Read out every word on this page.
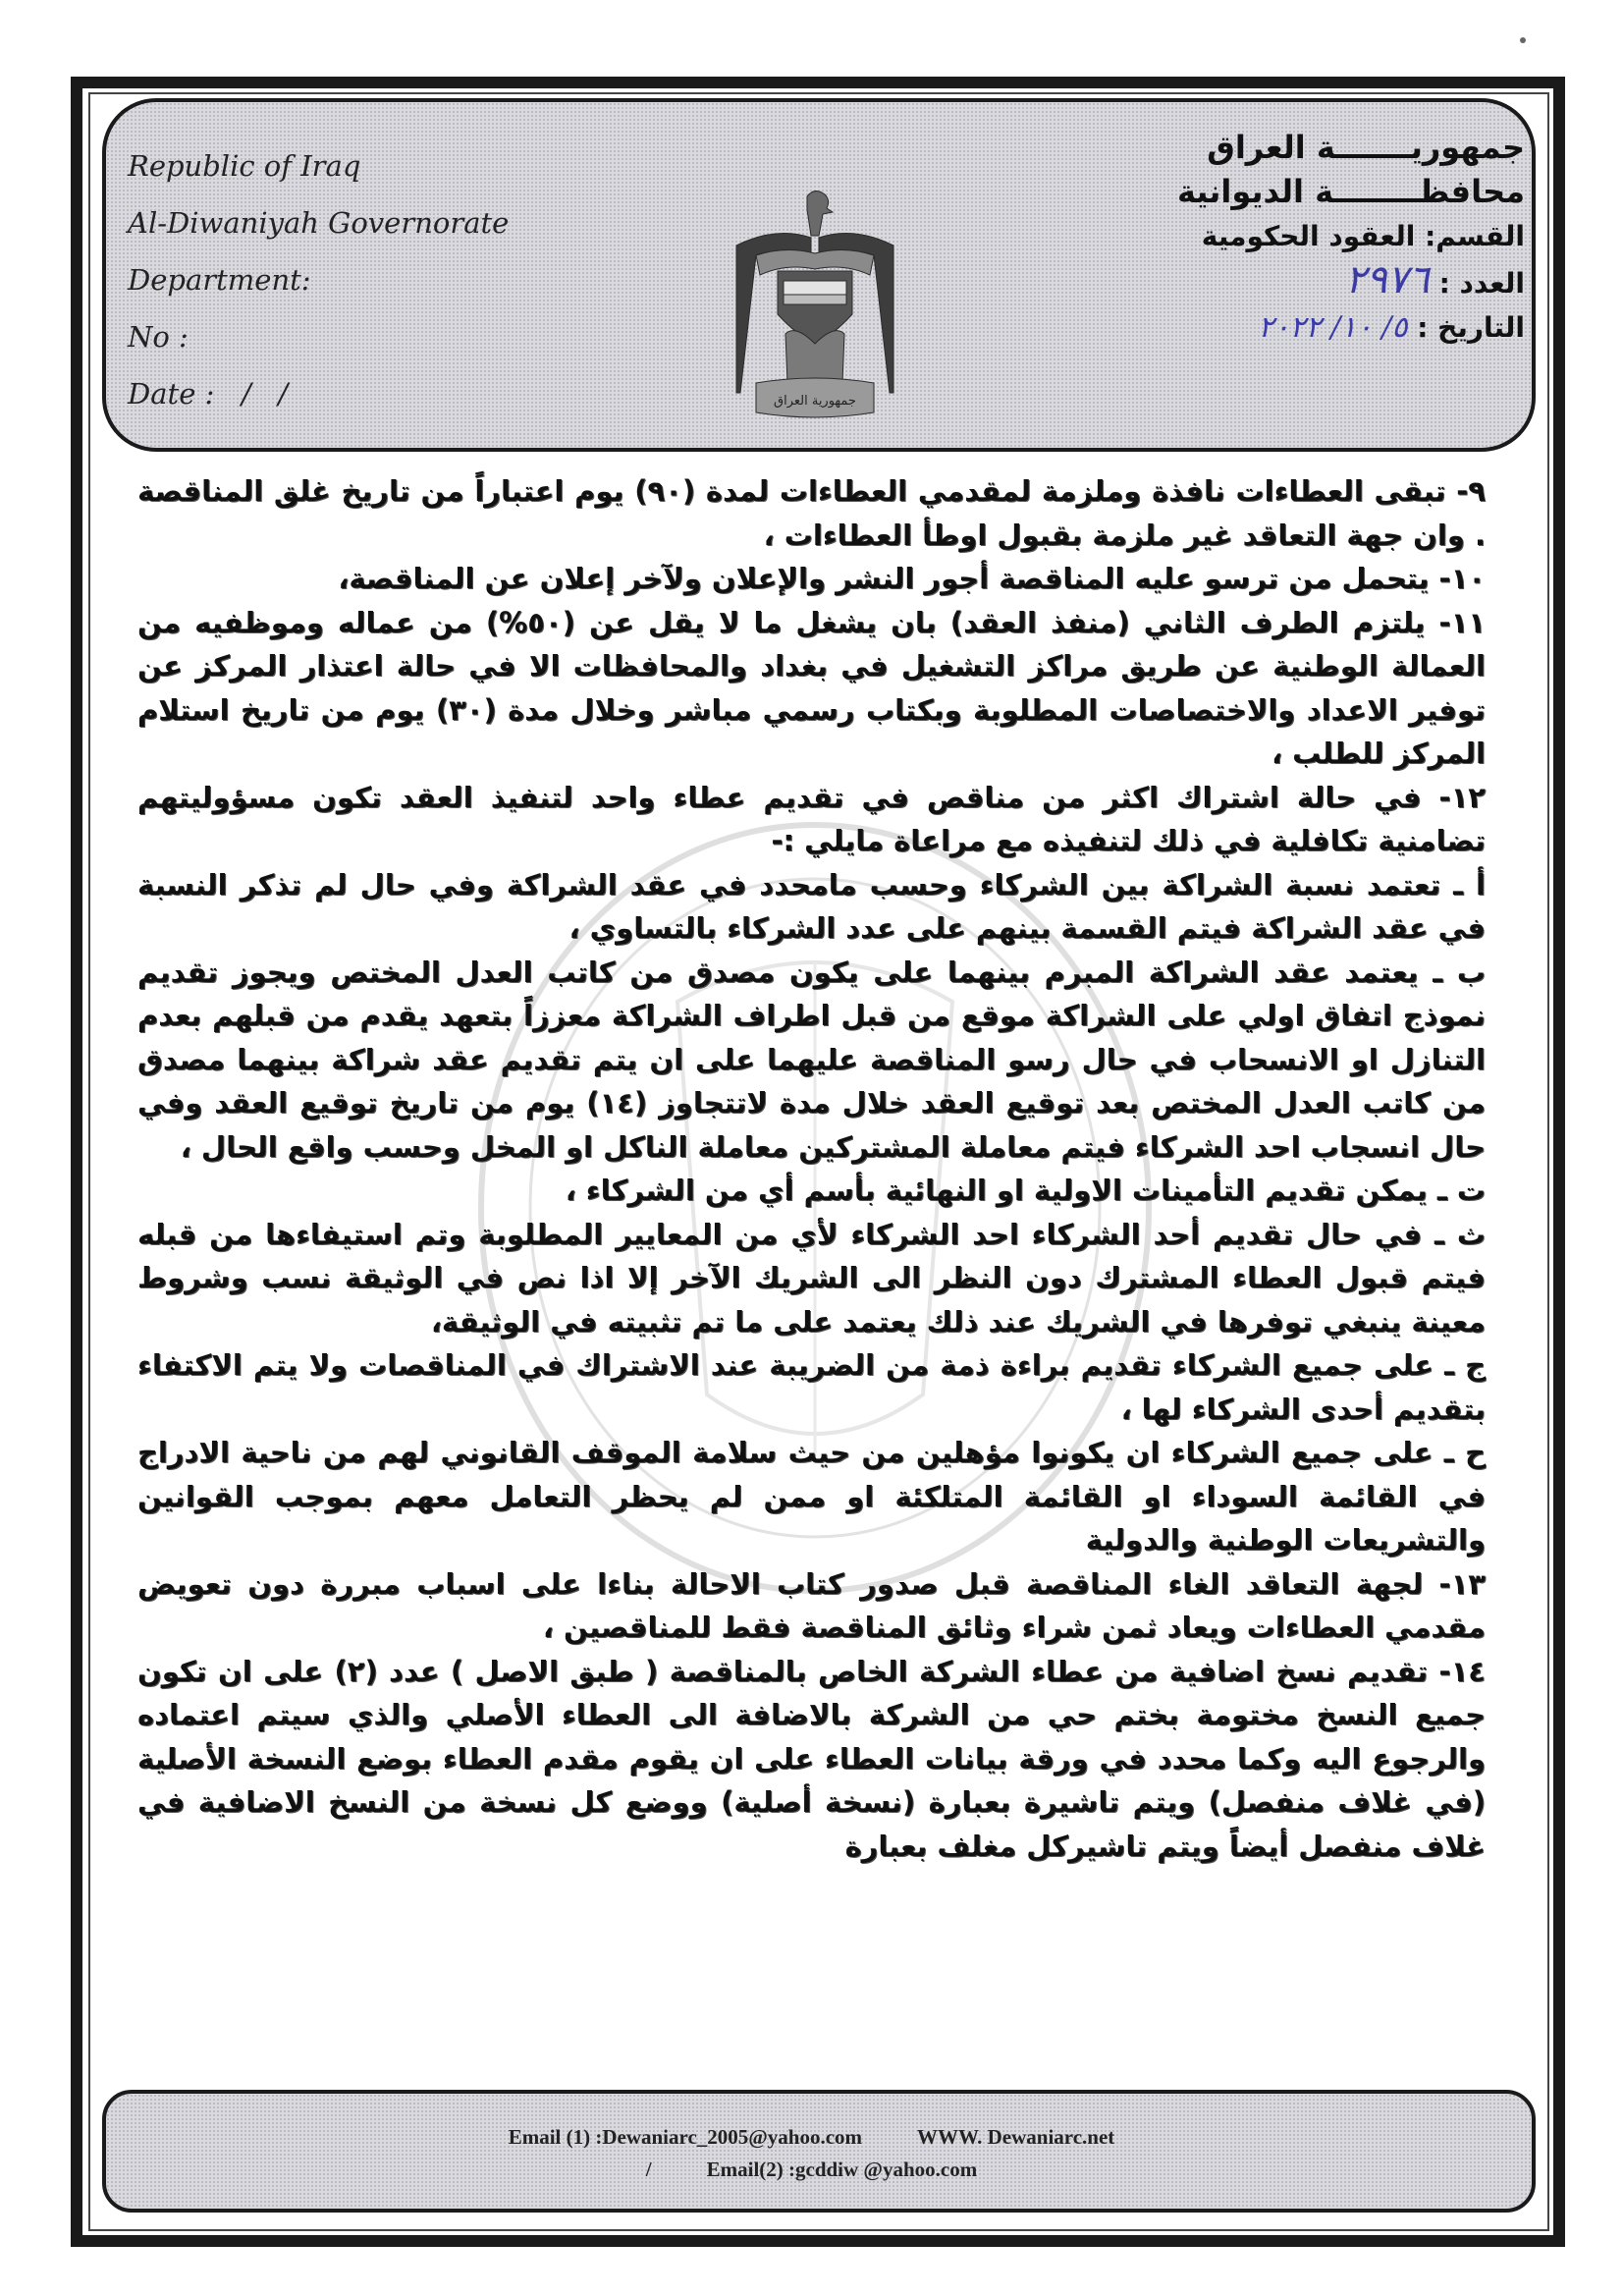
Republic of Iraq
Al-Diwaniyah Governorate
Department:
No :
Date :   /   /	جمهورية العراق
جمهوريـــــــة العراق
محافظــــــــة الديوانية
القسم: العقود الحكومية
العدد : ٢٩٧٦
التاريخ : ٥/ ١٠/ ٢٠٢٢

٩- تبقى العطاءات نافذة وملزمة لمقدمي العطاءات لمدة (٩٠) يوم اعتباراً من تاريخ غلق المناقصة . وان جهة التعاقد غير ملزمة بقبول اوطأ العطاءات ،

١٠- يتحمل من ترسو عليه المناقصة أجور النشر والإعلان ولآخر إعلان عن المناقصة،

١١- يلتزم الطرف الثاني (منفذ العقد) بان يشغل ما لا يقل عن (٥٠%) من عماله وموظفيه من العمالة الوطنية عن طريق مراكز التشغيل في بغداد والمحافظات الا في حالة اعتذار المركز عن توفير الاعداد والاختصاصات المطلوبة وبكتاب رسمي مباشر وخلال مدة (٣٠) يوم من تاريخ استلام المركز للطلب ،

١٢- في حالة اشتراك اكثر من مناقص في تقديم عطاء واحد لتنفيذ العقد تكون مسؤوليتهم تضامنية تكافلية في ذلك لتنفيذه مع مراعاة مايلي :-

أ ـ تعتمد نسبة الشراكة بين الشركاء وحسب مامحدد في عقد الشراكة وفي حال لم تذكر النسبة في عقد الشراكة فيتم القسمة بينهم على عدد الشركاء بالتساوي ،

ب ـ يعتمد عقد الشراكة المبرم بينهما على يكون مصدق من كاتب العدل المختص ويجوز تقديم نموذج اتفاق اولي على الشراكة موقع من قبل اطراف الشراكة معززاً بتعهد يقدم من قبلهم بعدم التنازل او الانسحاب في حال رسو المناقصة عليهما على ان يتم تقديم عقد شراكة بينهما مصدق من كاتب العدل المختص بعد توقيع العقد خلال مدة لاتتجاوز (١٤) يوم من تاريخ توقيع العقد وفي حال انسجاب احد الشركاء فيتم معاملة المشتركين معاملة الناكل او المخل وحسب واقع الحال ،

ت ـ يمكن تقديم التأمينات الاولية او النهائية بأسم أي من الشركاء ،

ث ـ في حال تقديم أحد الشركاء احد الشركاء لأي من المعايير المطلوبة وتم استيفاءها من قبله فيتم قبول العطاء المشترك دون النظر الى الشريك الآخر إلا اذا نص في الوثيقة نسب وشروط معينة ينبغي توفرها في الشريك عند ذلك يعتمد على ما تم تثبيته في الوثيقة،

ج ـ على جميع الشركاء تقديم براءة ذمة من الضريبة عند الاشتراك في المناقصات ولا يتم الاكتفاء بتقديم أحدى الشركاء لها ،

ح ـ على جميع الشركاء ان يكونوا مؤهلين من حيث سلامة الموقف القانوني لهم من ناحية الادراج في القائمة السوداء او القائمة المتلكئة او ممن لم يحظر التعامل معهم بموجب القوانين والتشريعات الوطنية والدولية

١٣- لجهة التعاقد الغاء المناقصة قبل صدور كتاب الاحالة بناءا على اسباب مبررة دون تعويض مقدمي العطاءات ويعاد ثمن شراء وثائق المناقصة فقط للمناقصين ،

١٤- تقديم نسخ اضافية من عطاء الشركة الخاص بالمناقصة ( طبق الاصل ) عدد (٢) على ان تكون جميع النسخ مختومة بختم حي من الشركة بالاضافة الى العطاء الأصلي والذي سيتم اعتماده والرجوع اليه وكما محدد في ورقة بيانات العطاء على ان يقوم مقدم العطاء بوضع النسخة الأصلية (في غلاف منفصل) ويتم تاشيرة بعبارة (نسخة أصلية) ووضع كل نسخة من النسخ الاضافية في غلاف منفصل أيضاً ويتم تاشيركل مغلف بعبارة

Email (1) :Dewaniarc_2005@yahoo.com	WWW. Dewaniarc.net
/	Email(2) :gcddiw @yahoo.com
